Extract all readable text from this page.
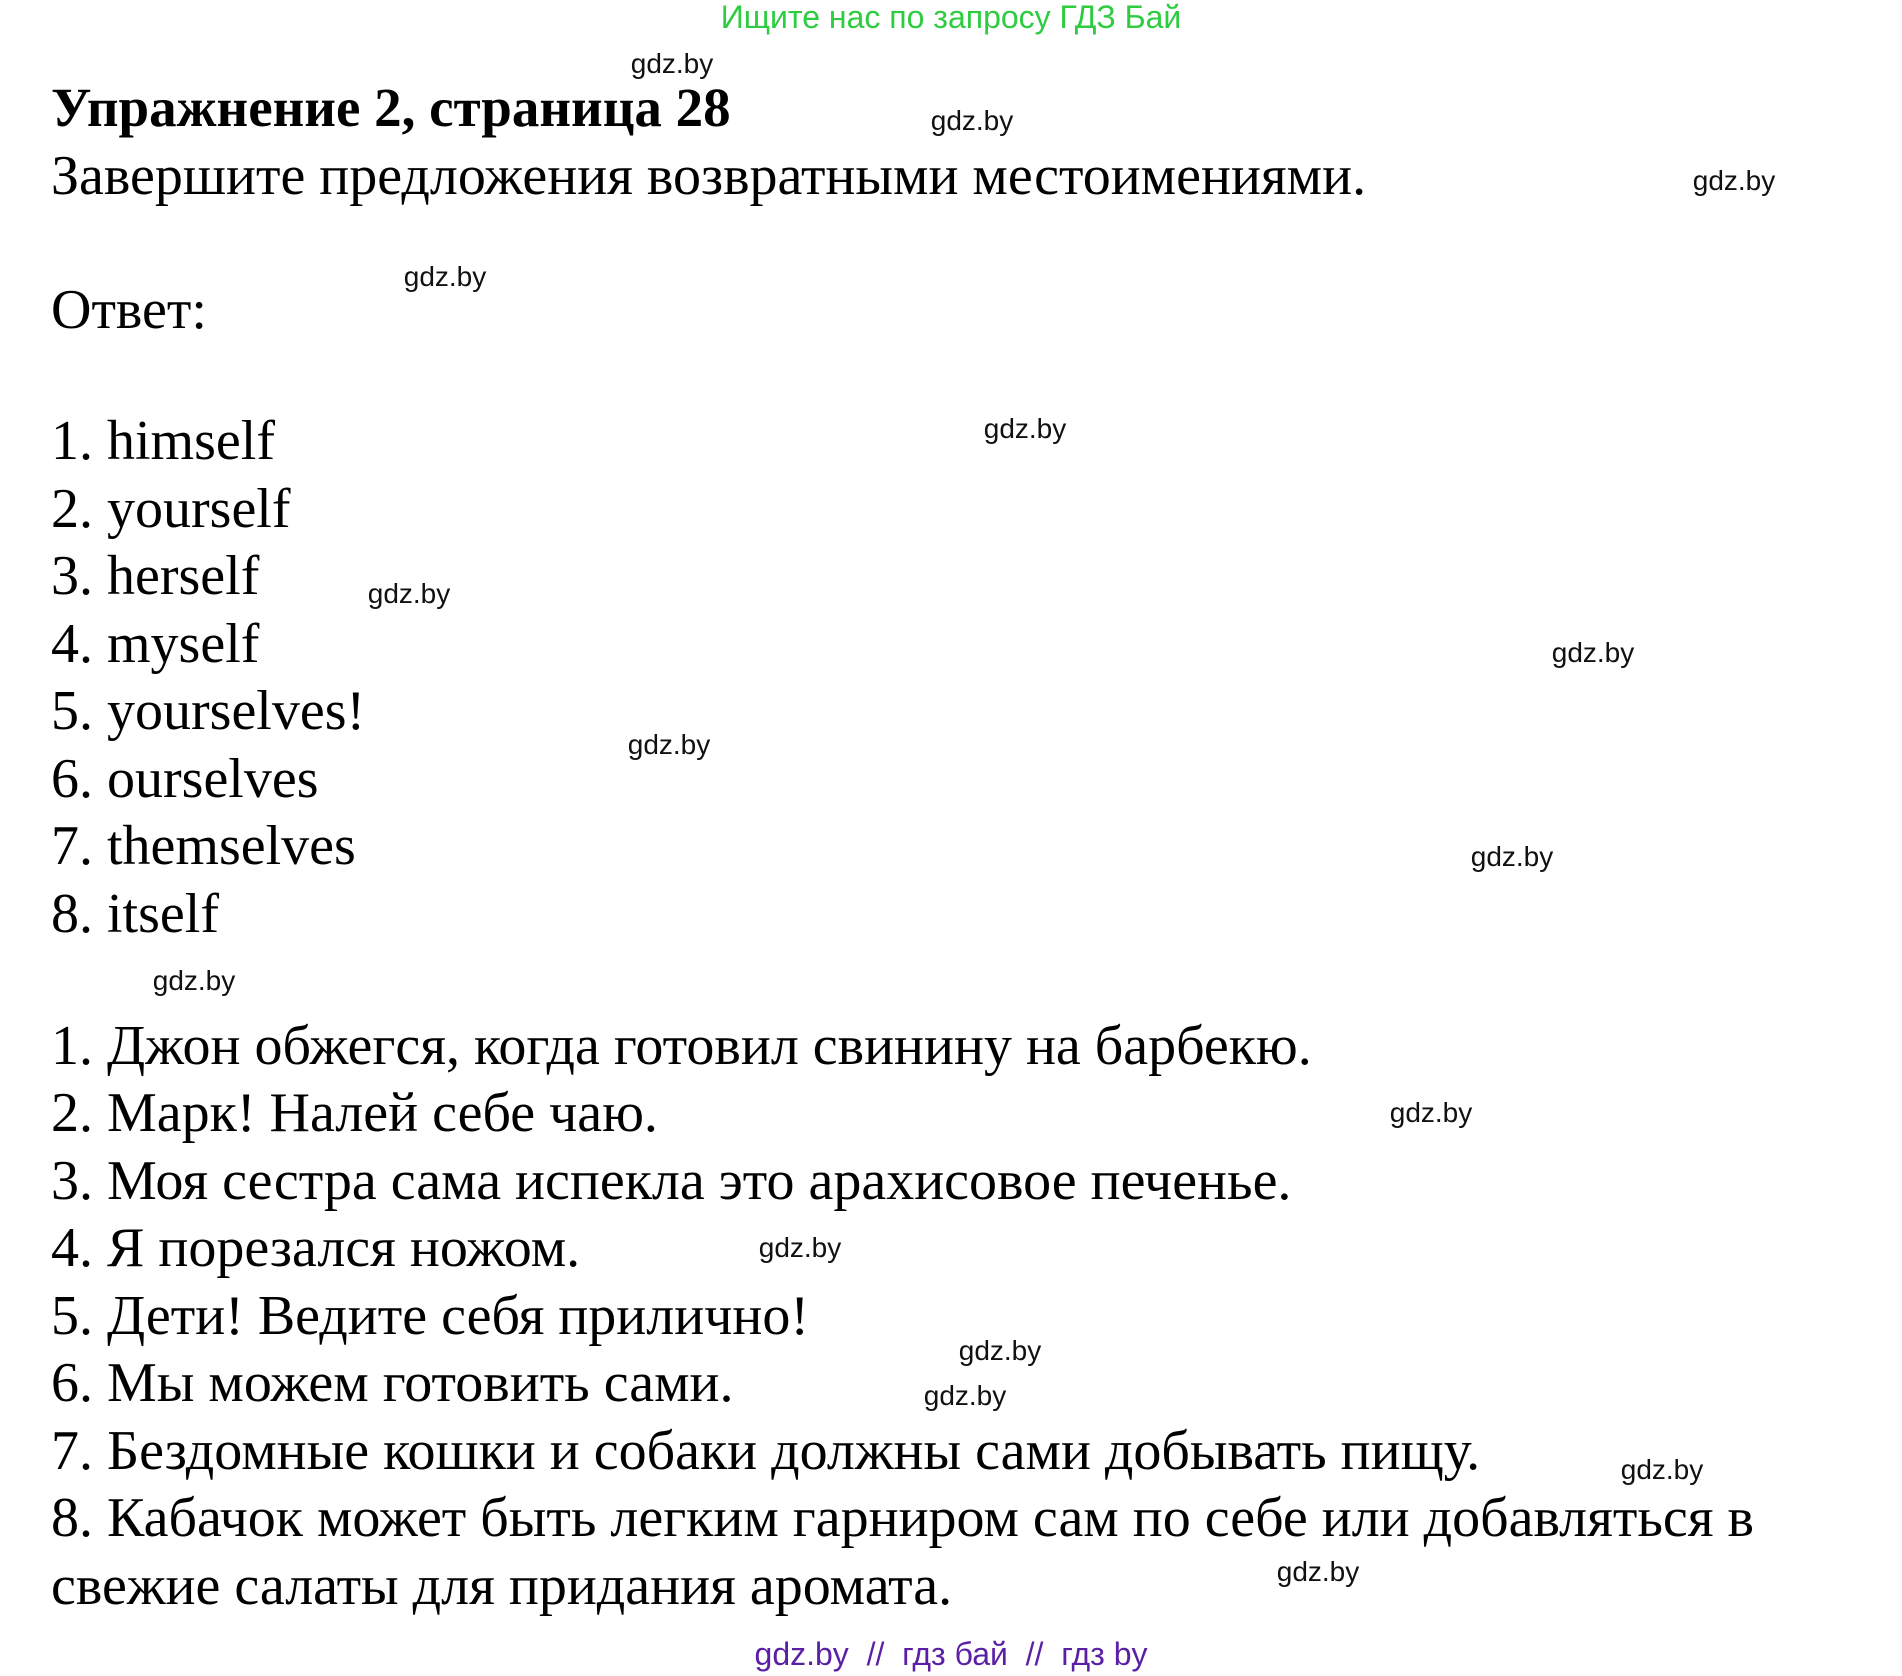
Ищите нас по запросу ГДЗ Бай
Упражнение 2, страница 28
Завершите предложения возвратными местоимениями.
Ответ:
1. himself
2. yourself
3. herself
4. myself
5. yourselves!
6. ourselves
7. themselves
8. itself
1. Джон обжегся, когда готовил свинину на барбекю.
2. Марк! Налей себе чаю.
3. Моя сестра сама испекла это арахисовое печенье.
4. Я порезался ножом.
5. Дети! Ведите себя прилично!
6. Мы можем готовить сами.
7. Бездомные кошки и собаки должны сами добывать пищу.
8. Кабачок может быть легким гарниром сам по себе или добавляться в
свежие салаты для придания аромата.
gdz.by
gdz.by
gdz.by
gdz.by
gdz.by
gdz.by
gdz.by
gdz.by
gdz.by
gdz.by
gdz.by
gdz.by
gdz.by
gdz.by
gdz.by
gdz.by
gdz.by  //  гдз бай  //  гдз by
